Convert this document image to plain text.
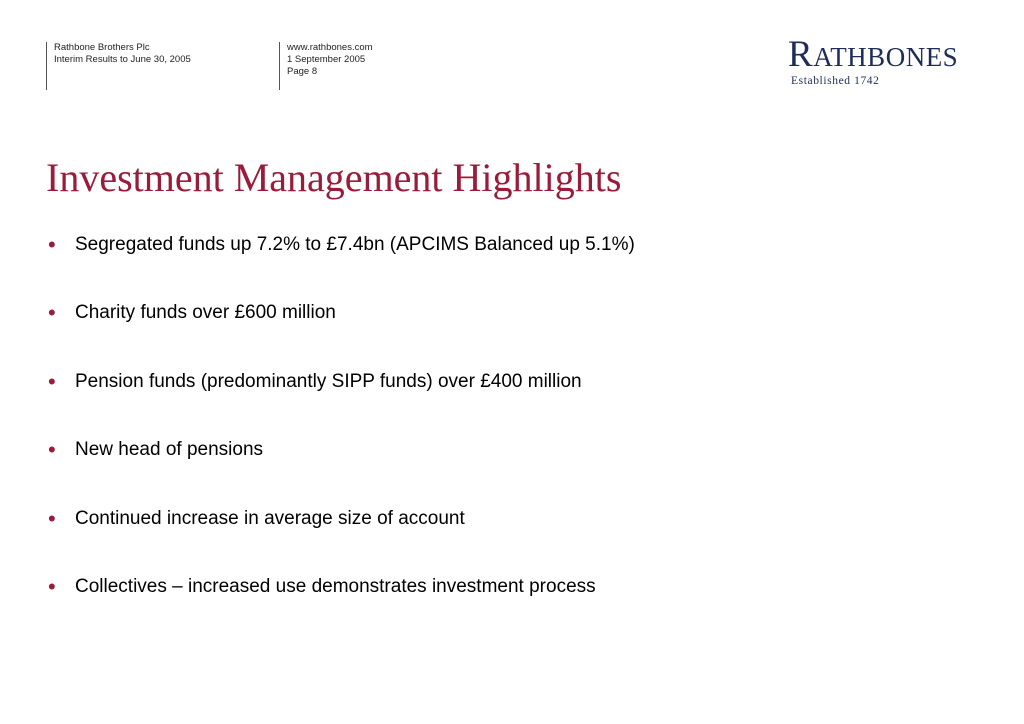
Rathbone Brothers Plc
Interim Results to June 30, 2005
www.rathbones.com
1 September 2005
Page 8	RATHBONES
Established 1742
Investment Management Highlights
• Segregated funds up 7.2% to £7.4bn (APCIMS Balanced up 5.1%)
• Charity funds over £600 million
• Pension funds (predominantly SIPP funds) over £400 million
• New head of pensions
• Continued increase in average size of account
• Collectives – increased use demonstrates investment process
